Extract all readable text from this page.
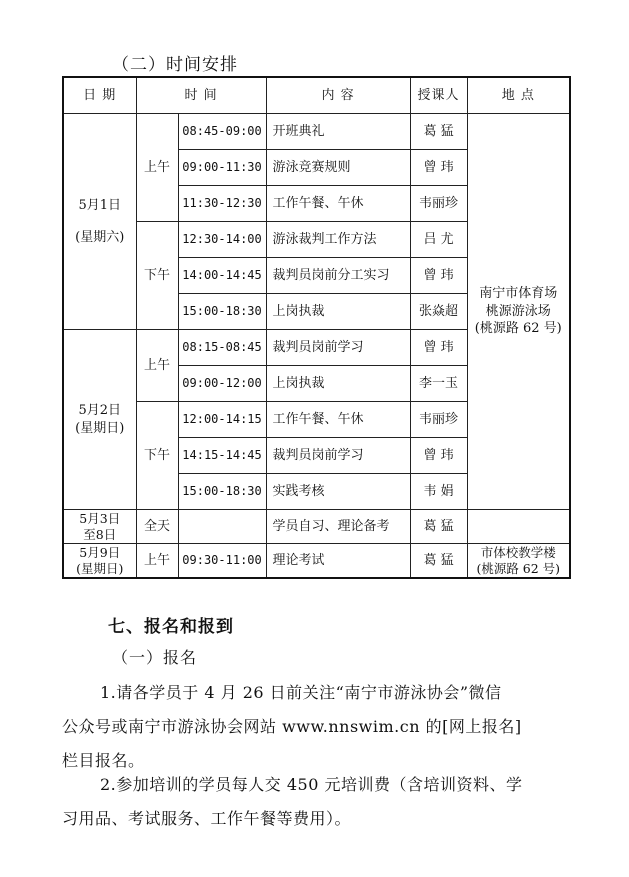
（二）时间安排
日 期	时 间		内 容	授课人	地 点

5月1日
(星期六)	上午	08:45-09:00	开班典礼	葛 猛	南宁市体育场
桃源游泳场
(桃源路 62 号)

		09:00-11:30	游泳竞赛规则	曾 玮	
		11:30-12:30	工作午餐、午休	韦丽珍	
	下午	12:30-14:00	游泳裁判工作方法	吕 尤	
		14:00-14:45	裁判员岗前分工实习	曾 玮	
		15:00-18:30	上岗执裁	张焱超	

5月2日
(星期日)	上午	08:15-08:45	裁判员岗前学习	曾 玮	
		09:00-12:00	上岗执裁	李一玉	
	下午	12:00-14:15	工作午餐、午休	韦丽珍	
		14:15-14:45	裁判员岗前学习	曾 玮	
		15:00-18:30	实践考核	韦 娟	

5月3日
至8日	全天		学员自习、理论备考	葛 猛	

5月9日
(星期日)	上午	09:30-11:00	理论考试	葛 猛	市体校教学楼
(桃源路 62 号)
七、报名和报到
（一）报名
1.请各学员于 4 月 26 日前关注“南宁市游泳协会”微信
公众号或南宁市游泳协会网站 www.nnswim.cn 的[网上报名]
栏目报名。
2.参加培训的学员每人交 450 元培训费（含培训资料、学
习用品、考试服务、工作午餐等费用）。
